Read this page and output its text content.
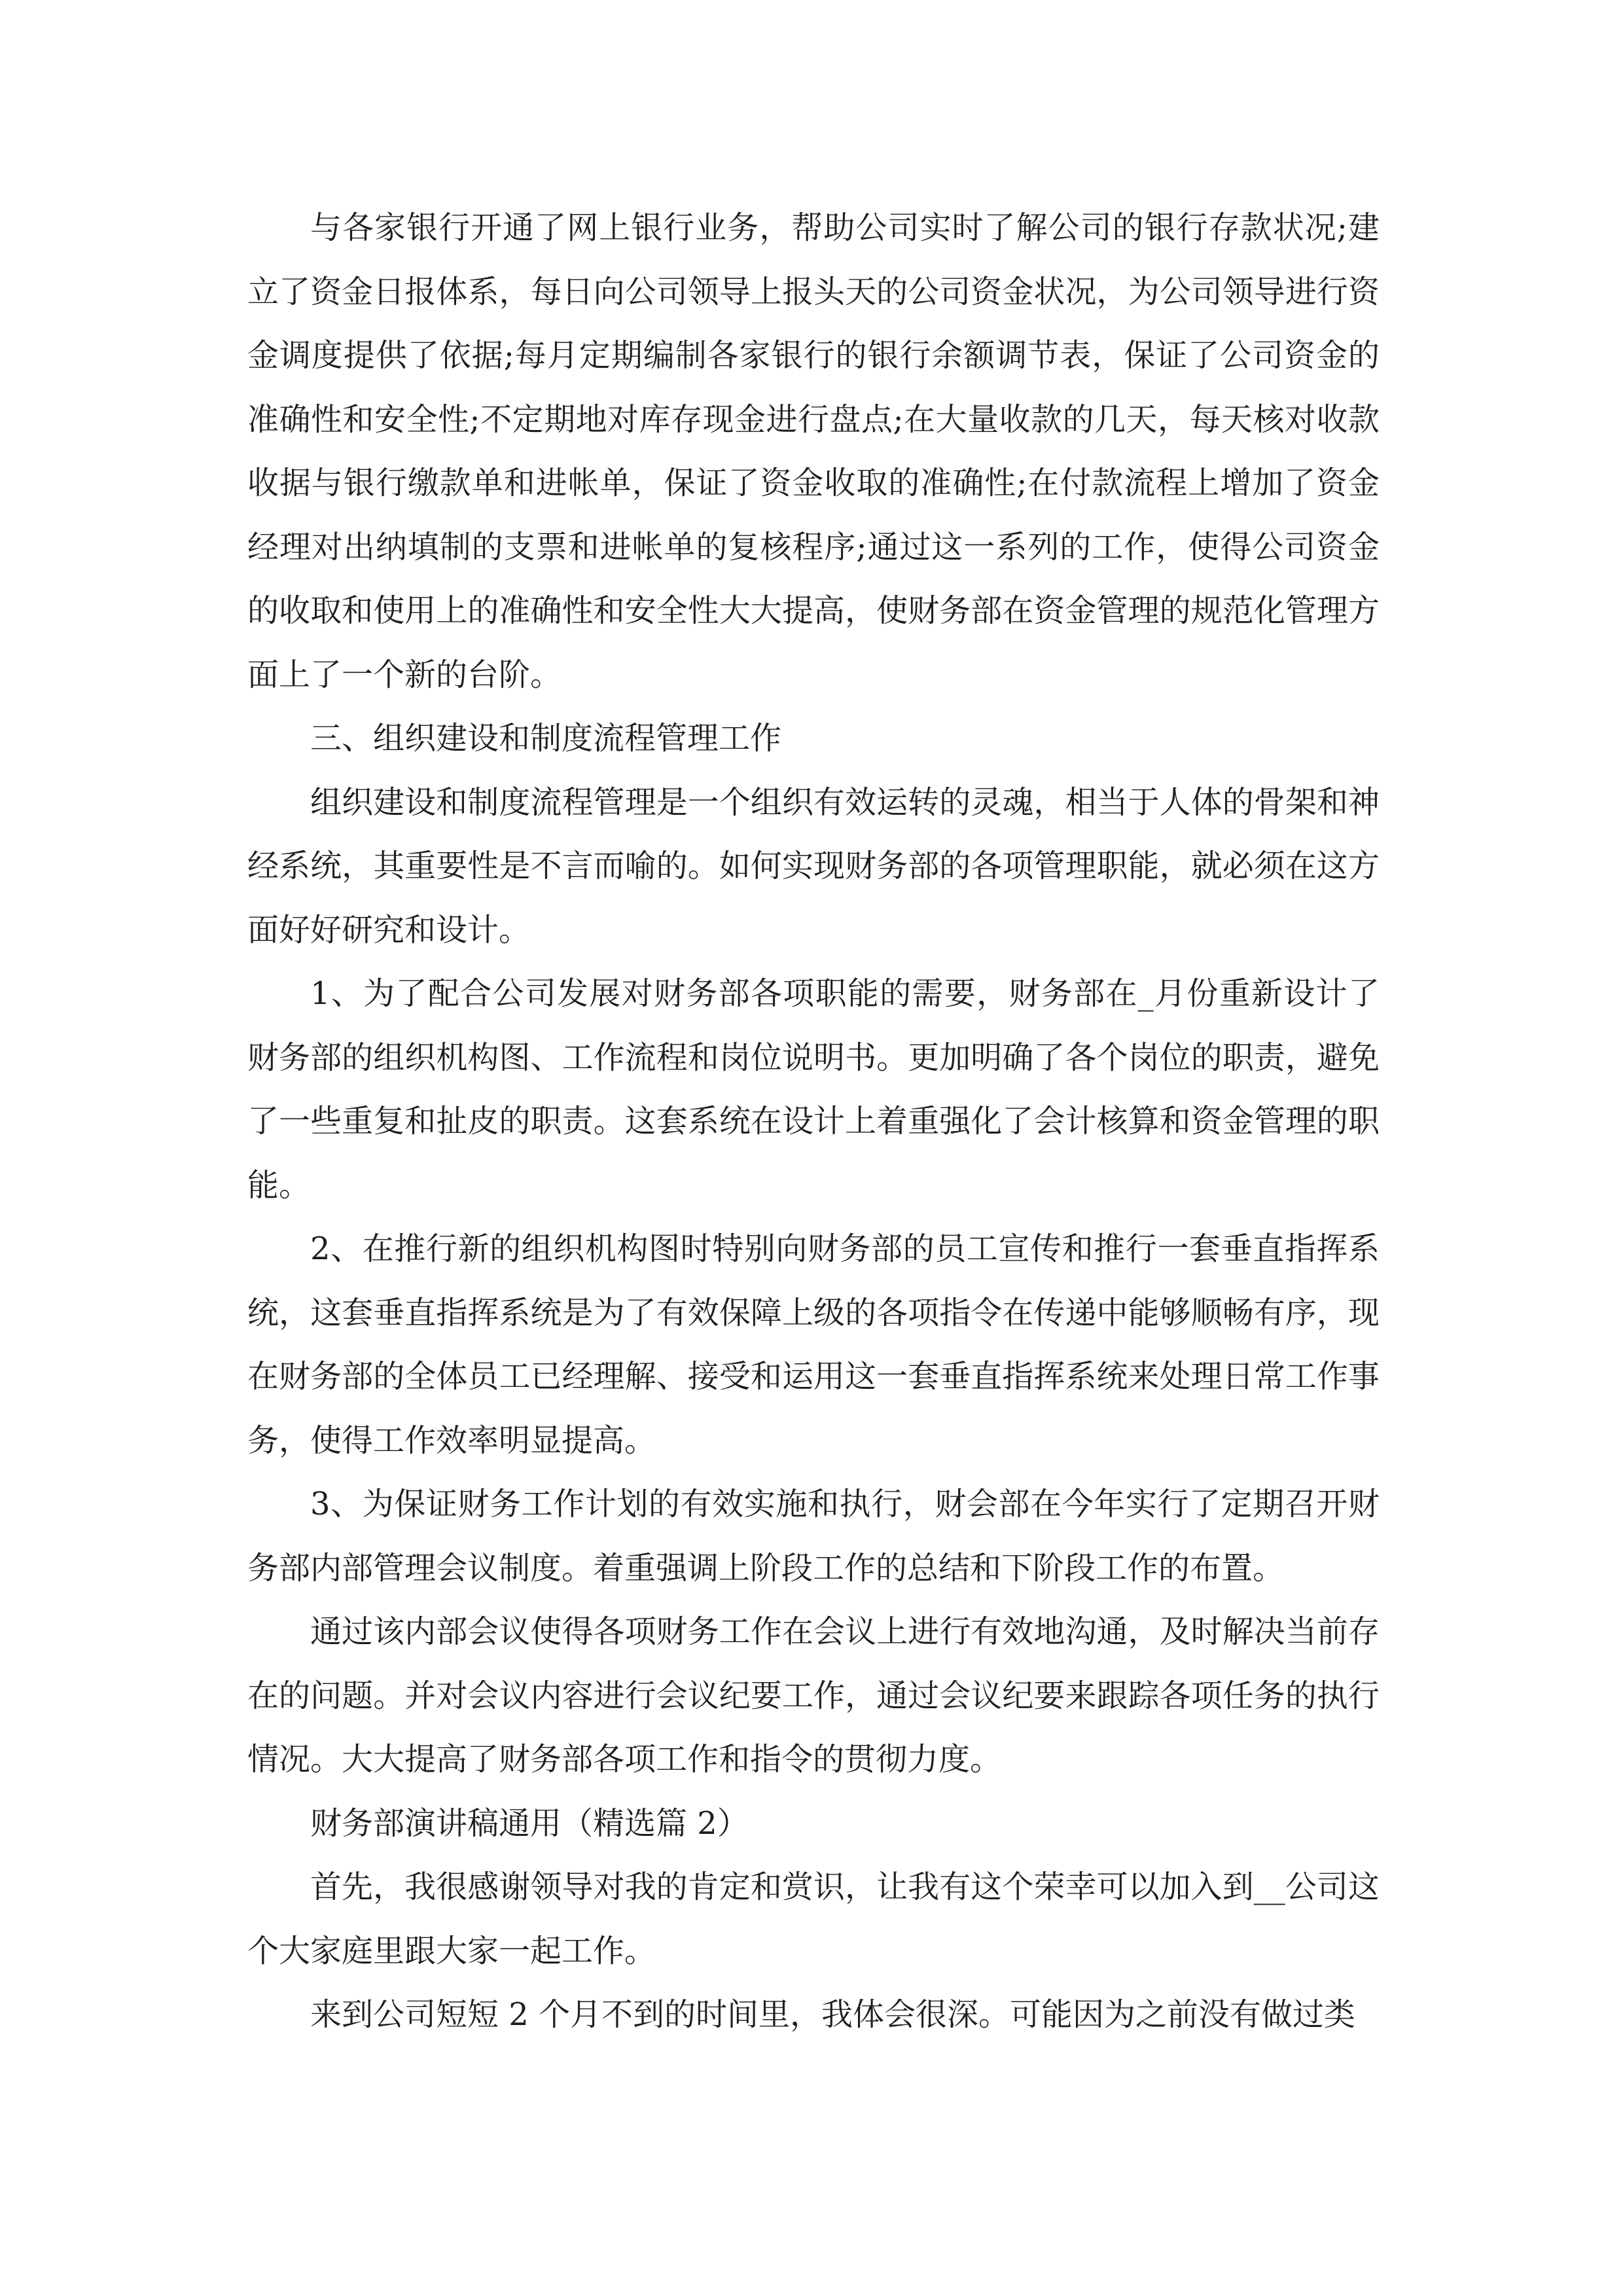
与各家银行开通了网上银行业务，帮助公司实时了解公司的银行存款状况;建立了资金日报体系，每日向公司领导上报头天的公司资金状况，为公司领导进行资金调度提供了依据;每月定期编制各家银行的银行余额调节表，保证了公司资金的准确性和安全性;不定期地对库存现金进行盘点;在大量收款的几天，每天核对收款收据与银行缴款单和进帐单，保证了资金收取的准确性;在付款流程上增加了资金经理对出纳填制的支票和进帐单的复核程序;通过这一系列的工作，使得公司资金的收取和使用上的准确性和安全性大大提高，使财务部在资金管理的规范化管理方面上了一个新的台阶。

三、组织建设和制度流程管理工作

组织建设和制度流程管理是一个组织有效运转的灵魂，相当于人体的骨架和神经系统，其重要性是不言而喻的。如何实现财务部的各项管理职能，就必须在这方面好好研究和设计。

1、为了配合公司发展对财务部各项职能的需要，财务部在_月份重新设计了财务部的组织机构图、工作流程和岗位说明书。更加明确了各个岗位的职责，避免了一些重复和扯皮的职责。这套系统在设计上着重强化了会计核算和资金管理的职能。

2、在推行新的组织机构图时特别向财务部的员工宣传和推行一套垂直指挥系统，这套垂直指挥系统是为了有效保障上级的各项指令在传递中能够顺畅有序，现在财务部的全体员工已经理解、接受和运用这一套垂直指挥系统来处理日常工作事务，使得工作效率明显提高。

3、为保证财务工作计划的有效实施和执行，财会部在今年实行了定期召开财务部内部管理会议制度。着重强调上阶段工作的总结和下阶段工作的布置。

通过该内部会议使得各项财务工作在会议上进行有效地沟通，及时解决当前存在的问题。并对会议内容进行会议纪要工作，通过会议纪要来跟踪各项任务的执行情况。大大提高了财务部各项工作和指令的贯彻力度。

财务部演讲稿通用（精选篇 2）

首先，我很感谢领导对我的肯定和赏识，让我有这个荣幸可以加入到__公司这个大家庭里跟大家一起工作。

来到公司短短 2 个月不到的时间里，我体会很深。可能因为之前没有做过类
